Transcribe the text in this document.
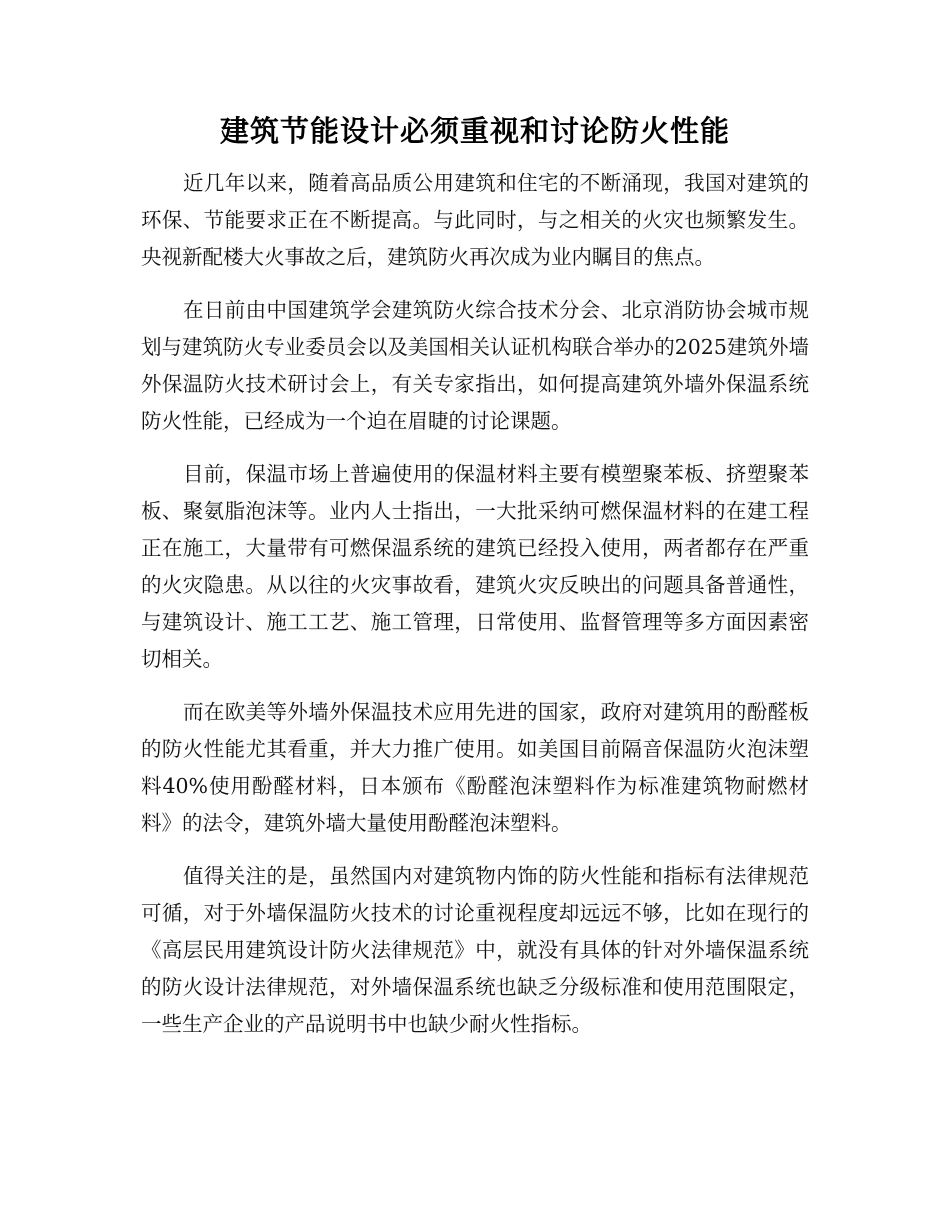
建筑节能设计必须重视和讨论防火性能

近几年以来，随着高品质公用建筑和住宅的不断涌现，我国对建筑的环保、节能要求正在不断提高。与此同时，与之相关的火灾也频繁发生。央视新配楼大火事故之后，建筑防火再次成为业内瞩目的焦点。

在日前由中国建筑学会建筑防火综合技术分会、北京消防协会城市规划与建筑防火专业委员会以及美国相关认证机构联合举办的2025建筑外墙外保温防火技术研讨会上，有关专家指出，如何提高建筑外墙外保温系统防火性能，已经成为一个迫在眉睫的讨论课题。

目前，保温市场上普遍使用的保温材料主要有模塑聚苯板、挤塑聚苯板、聚氨脂泡沫等。业内人士指出，一大批采纳可燃保温材料的在建工程正在施工，大量带有可燃保温系统的建筑已经投入使用，两者都存在严重的火灾隐患。从以往的火灾事故看，建筑火灾反映出的问题具备普通性，与建筑设计、施工工艺、施工管理，日常使用、监督管理等多方面因素密切相关。

而在欧美等外墙外保温技术应用先进的国家，政府对建筑用的酚醛板的防火性能尤其看重，并大力推广使用。如美国目前隔音保温防火泡沫塑料40%使用酚醛材料，日本颁布《酚醛泡沫塑料作为标准建筑物耐燃材料》的法令，建筑外墙大量使用酚醛泡沫塑料。

值得关注的是，虽然国内对建筑物内饰的防火性能和指标有法律规范可循，对于外墙保温防火技术的讨论重视程度却远远不够，比如在现行的《高层民用建筑设计防火法律规范》中，就没有具体的针对外墙保温系统的防火设计法律规范，对外墙保温系统也缺乏分级标准和使用范围限定，一些生产企业的产品说明书中也缺少耐火性指标。
